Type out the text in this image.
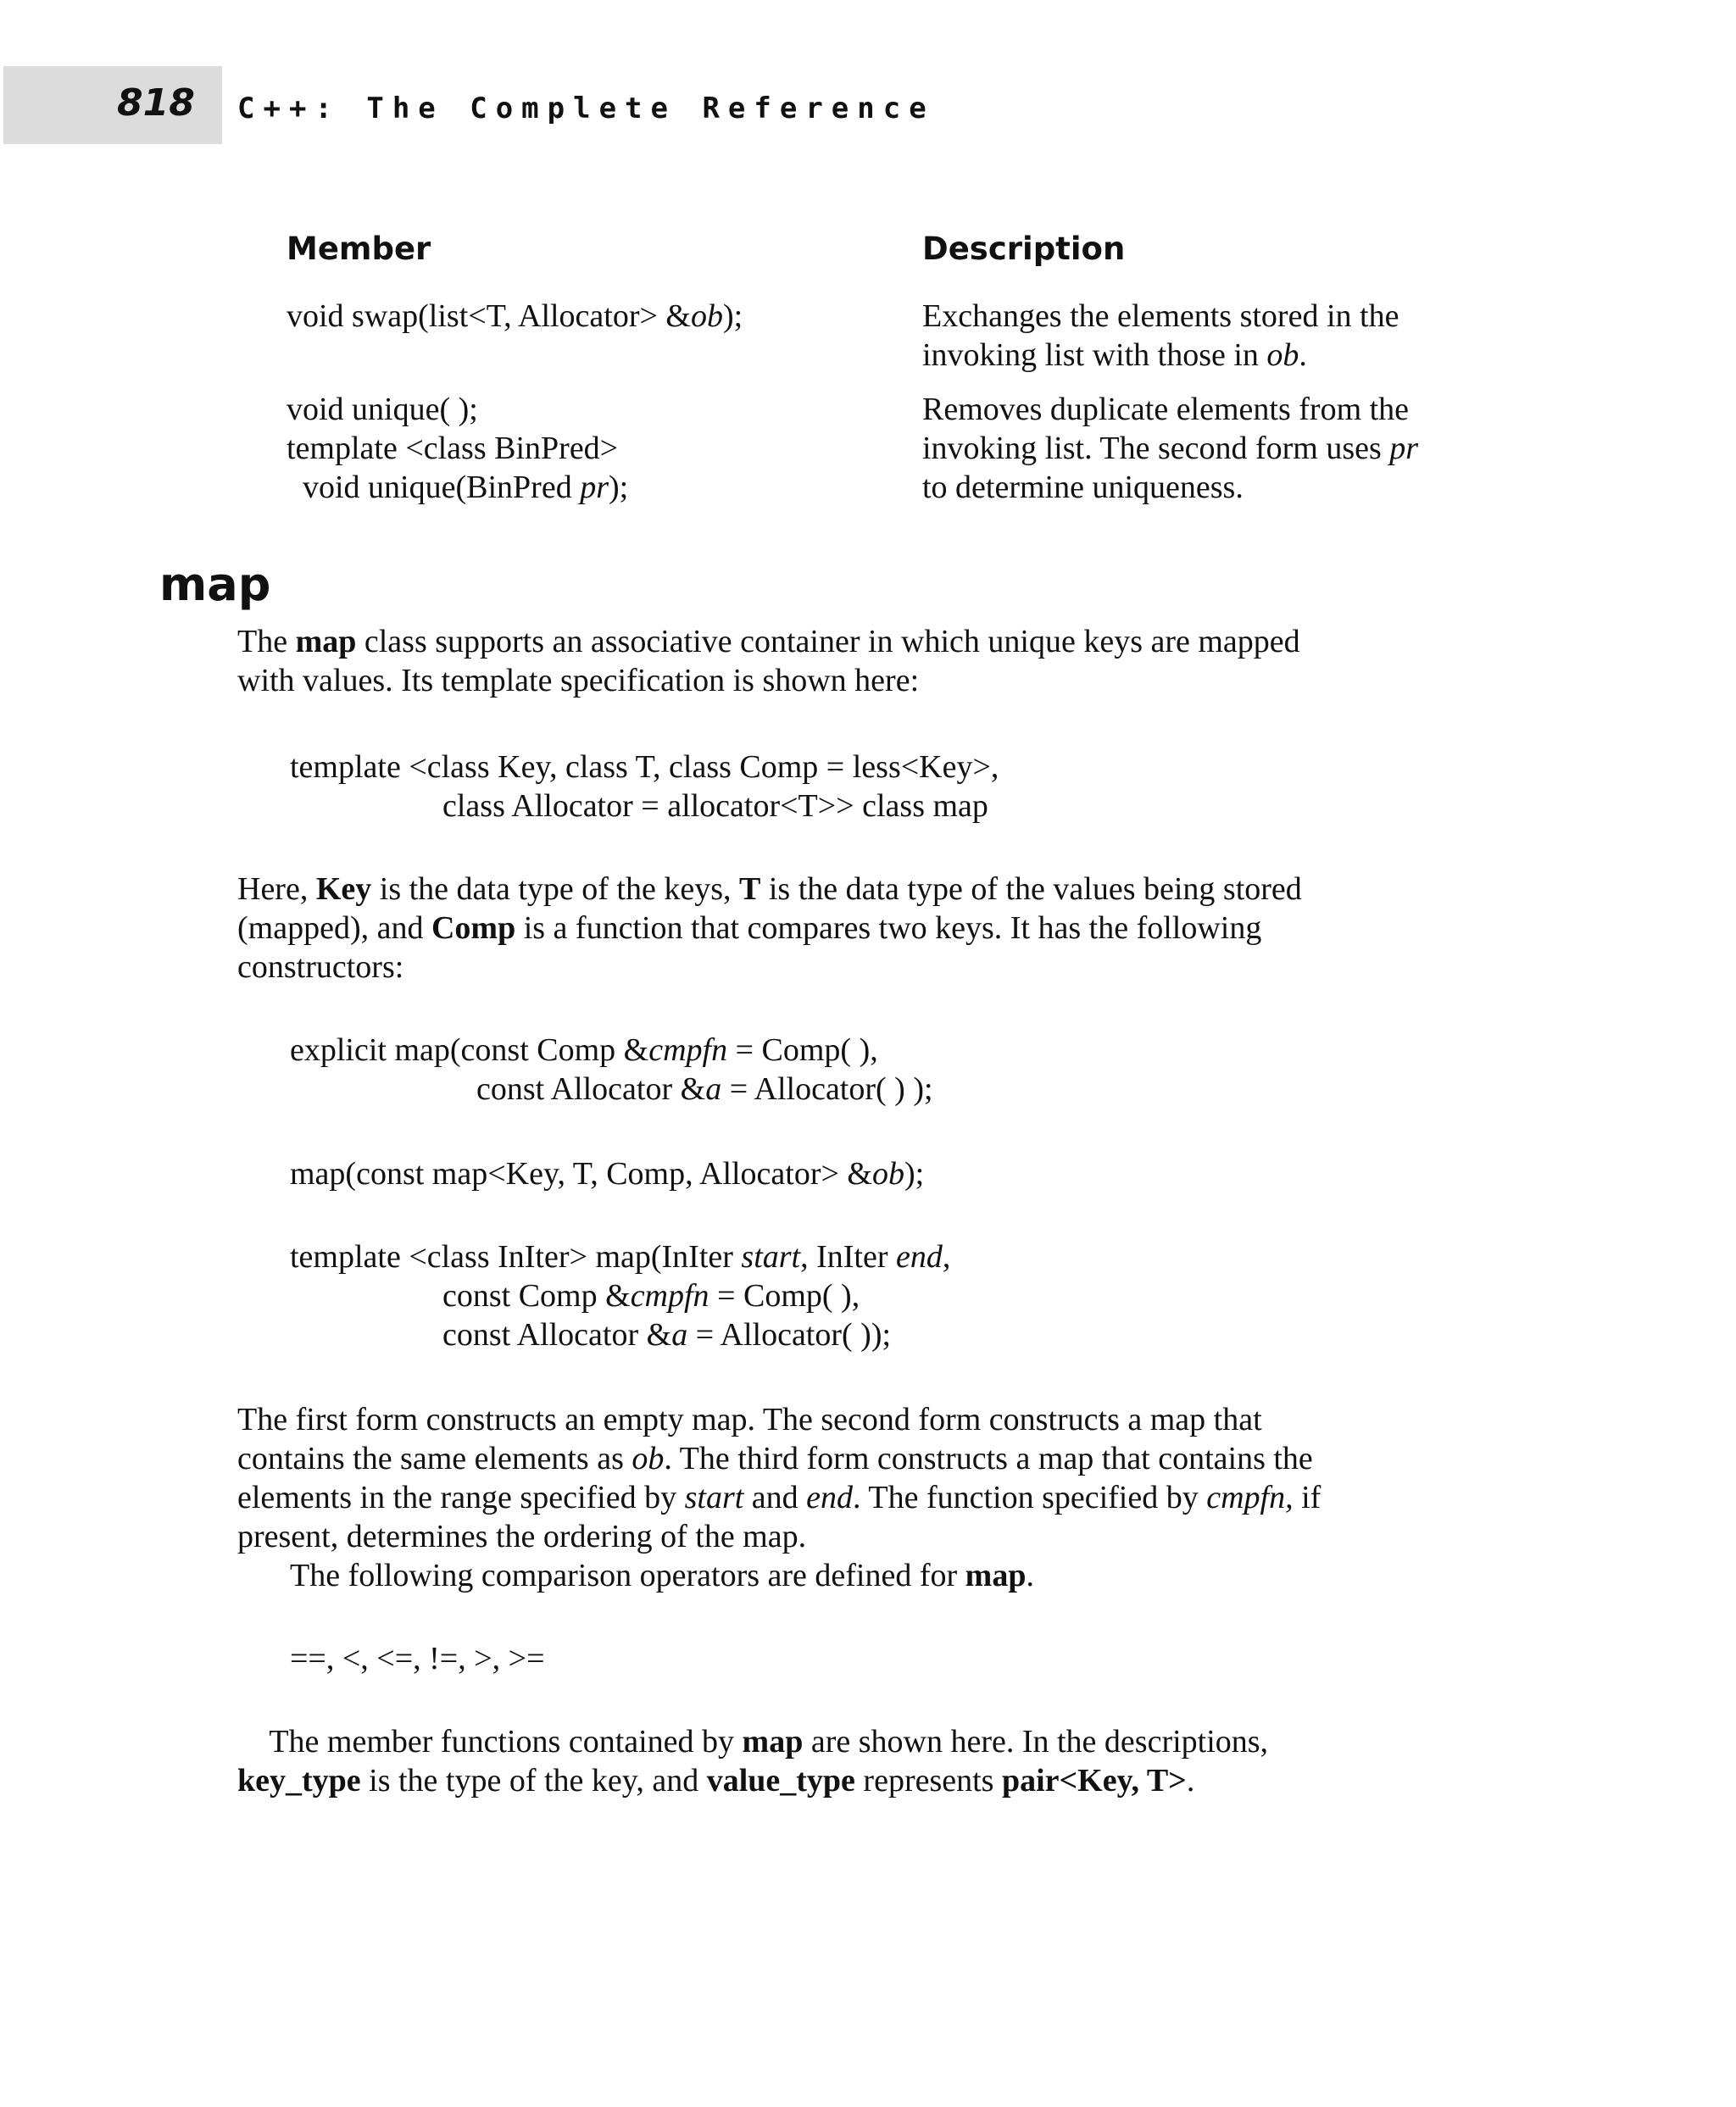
818 C++: The Complete Reference
Member	Description
void swap(list<T, Allocator> &ob);	Exchanges the elements stored in the
invoking list with those in ob.
void unique( );
template <class BinPred>
void unique(BinPred pr);
Removes duplicate elements from the
invoking list. The second form uses pr
to determine uniqueness.
map
The map class supports an associative container in which unique keys are mapped
with values. Its template specification is shown here:
template <class Key, class T, class Comp = less<Key>,
class Allocator = allocator<T>> class map
Here, Key is the data type of the keys, T is the data type of the values being stored
(mapped), and Comp is a function that compares two keys. It has the following
constructors:
explicit map(const Comp &cmpfn = Comp( ),
const Allocator &a = Allocator( ) );
map(const map<Key, T, Comp, Allocator> &ob);
template <class InIter> map(InIter start, InIter end,
const Comp &cmpfn = Comp( ),
const Allocator &a = Allocator( ));
The first form constructs an empty map. The second form constructs a map that
contains the same elements as ob. The third form constructs a map that contains the
elements in the range specified by start and end. The function specified by cmpfn, if
present, determines the ordering of the map.
The following comparison operators are defined for map.
==, <, <=, !=, >, >=
The member functions contained by map are shown here. In the descriptions,
key_type is the type of the key, and value_type represents pair<Key, T>.
